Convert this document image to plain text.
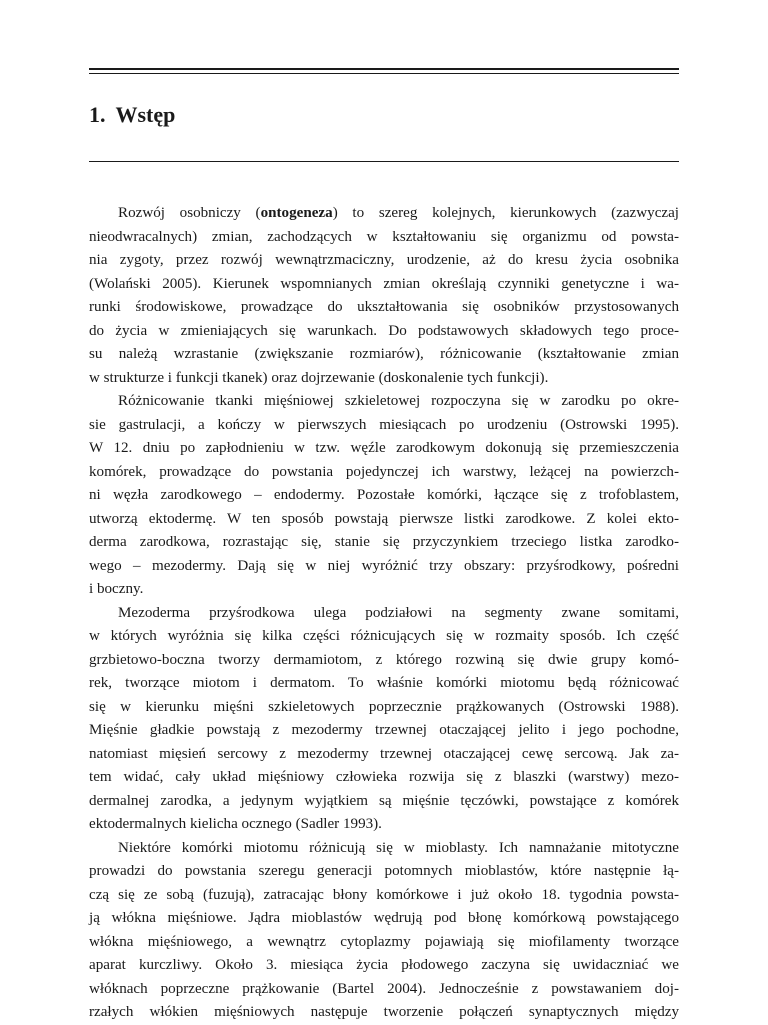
1. Wstęp
Rozwój osobniczy (ontogeneza) to szereg kolejnych, kierunkowych (zazwyczaj
nieodwracalnych) zmian, zachodzących w kształtowaniu się organizmu od powsta-
nia zygoty, przez rozwój wewnątrzmaciczny, urodzenie, aż do kresu życia osobnika
(Wolański 2005). Kierunek wspomnianych zmian określają czynniki genetyczne i wa-
runki środowiskowe, prowadzące do ukształtowania się osobników przystosowanych
do życia w zmieniających się warunkach. Do podstawowych składowych tego proce-
su należą wzrastanie (zwiększanie rozmiarów), różnicowanie (kształtowanie zmian
w strukturze i funkcji tkanek) oraz dojrzewanie (doskonalenie tych funkcji).
Różnicowanie tkanki mięśniowej szkieletowej rozpoczyna się w zarodku po okre-
sie gastrulacji, a kończy w pierwszych miesiącach po urodzeniu (Ostrowski 1995).
W 12. dniu po zapłodnieniu w tzw. węźle zarodkowym dokonują się przemieszczenia
komórek, prowadzące do powstania pojedynczej ich warstwy, leżącej na powierzch-
ni węzła zarodkowego – endodermy. Pozostałe komórki, łączące się z trofoblastem,
utworzą ektodermę. W ten sposób powstają pierwsze listki zarodkowe. Z kolei ekto-
derma zarodkowa, rozrastając się, stanie się przyczynkiem trzeciego listka zarodko-
wego – mezodermy. Dają się w niej wyróżnić trzy obszary: przyśrodkowy, pośredni
i boczny.
Mezoderma przyśrodkowa ulega podziałowi na segmenty zwane somitami,
w których wyróżnia się kilka części różnicujących się w rozmaity sposób. Ich część
grzbietowo-boczna tworzy dermamiotom, z którego rozwiną się dwie grupy komó-
rek, tworzące miotom i dermatom. To właśnie komórki miotomu będą różnicować
się w kierunku mięśni szkieletowych poprzecznie prążkowanych (Ostrowski 1988).
Mięśnie gładkie powstają z mezodermy trzewnej otaczającej jelito i jego pochodne,
natomiast mięsień sercowy z mezodermy trzewnej otaczającej cewę sercową. Jak za-
tem widać, cały układ mięśniowy człowieka rozwija się z blaszki (warstwy) mezo-
dermalnej zarodka, a jedynym wyjątkiem są mięśnie tęczówki, powstające z komórek
ektodermalnych kielicha ocznego (Sadler 1993).
Niektóre komórki miotomu różnicują się w mioblasty. Ich namnażanie mitotyczne
prowadzi do powstania szeregu generacji potomnych mioblastów, które następnie łą-
czą się ze sobą (fuzują), zatracając błony komórkowe i już około 18. tygodnia powsta-
ją włókna mięśniowe. Jądra mioblastów wędrują pod błonę komórkową powstającego
włókna mięśniowego, a wewnątrz cytoplazmy pojawiają się miofilamenty tworzące
aparat kurczliwy. Około 3. miesiąca życia płodowego zaczyna się uwidaczniać we
włóknach poprzeczne prążkowanie (Bartel 2004). Jednocześnie z powstawaniem doj-
rzałych włókien mięśniowych następuje tworzenie połączeń synaptycznych między
